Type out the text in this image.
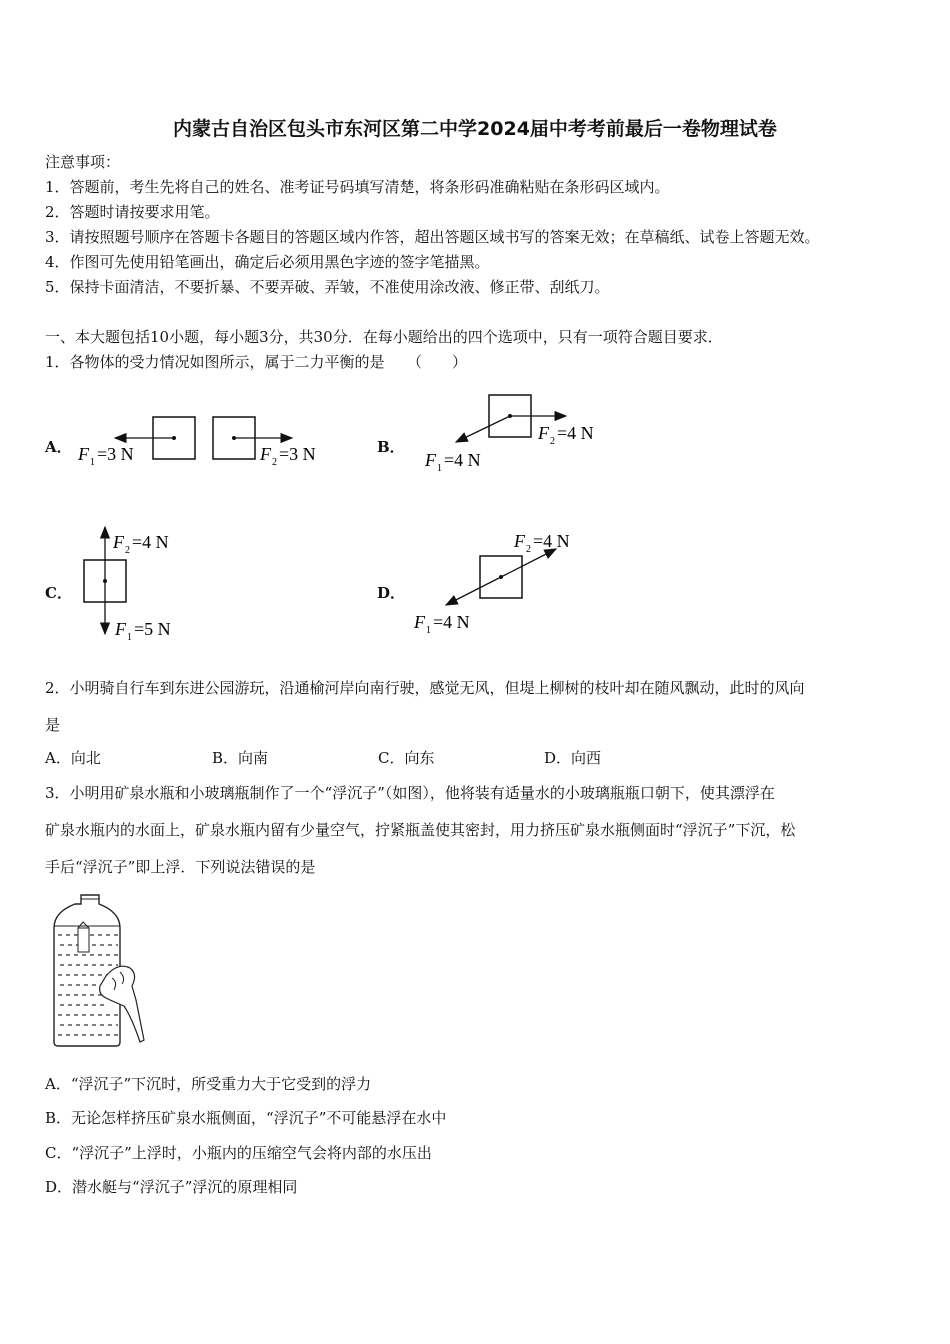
内蒙古自治区包头市东河区第二中学2024届中考考前最后一卷物理试卷
注意事项：
1．答题前，考生先将自己的姓名、准考证号码填写清楚，将条形码准确粘贴在条形码区域内。
2．答题时请按要求用笔。
3．请按照题号顺序在答题卡各题目的答题区域内作答，超出答题区域书写的答案无效；在草稿纸、试卷上答题无效。
4．作图可先使用铅笔画出，确定后必须用黑色字迹的签字笔描黑。
5．保持卡面清洁，不要折暴、不要弄破、弄皱，不准使用涂改液、修正带、刮纸刀。
一、本大题包括10小题，每小题3分，共30分．在每小题给出的四个选项中，只有一项符合题目要求．
1．各物体的受力情况如图所示，属于二力平衡的是　　（　　）
A．	B．
C．	D．
F 1 =3 N	F 2 =3 N
F 2 =4 N
F 1 =4 N
F 2 =4 N
F 1 =5 N
F 2 =4 N
F 1 =4 N
2．小明骑自行车到东进公园游玩，沿通榆河岸向南行驶，感觉无风，但堤上柳树的枝叶却在随风飘动，此时的风向
是
A．向北	B．向南	C．向东	D．向西
3．小明用矿泉水瓶和小玻璃瓶制作了一个“浮沉子”（如图），他将装有适量水的小玻璃瓶瓶口朝下，使其漂浮在
矿泉水瓶内的水面上，矿泉水瓶内留有少量空气，拧紧瓶盖使其密封，用力挤压矿泉水瓶侧面时“浮沉子”下沉，松
手后“浮沉子”即上浮．下列说法错误的是
A．“浮沉子”下沉时，所受重力大于它受到的浮力
B．无论怎样挤压矿泉水瓶侧面，“浮沉子”不可能悬浮在水中
C．“浮沉子”上浮时，小瓶内的压缩空气会将内部的水压出
D．潜水艇与“浮沉子”浮沉的原理相同
